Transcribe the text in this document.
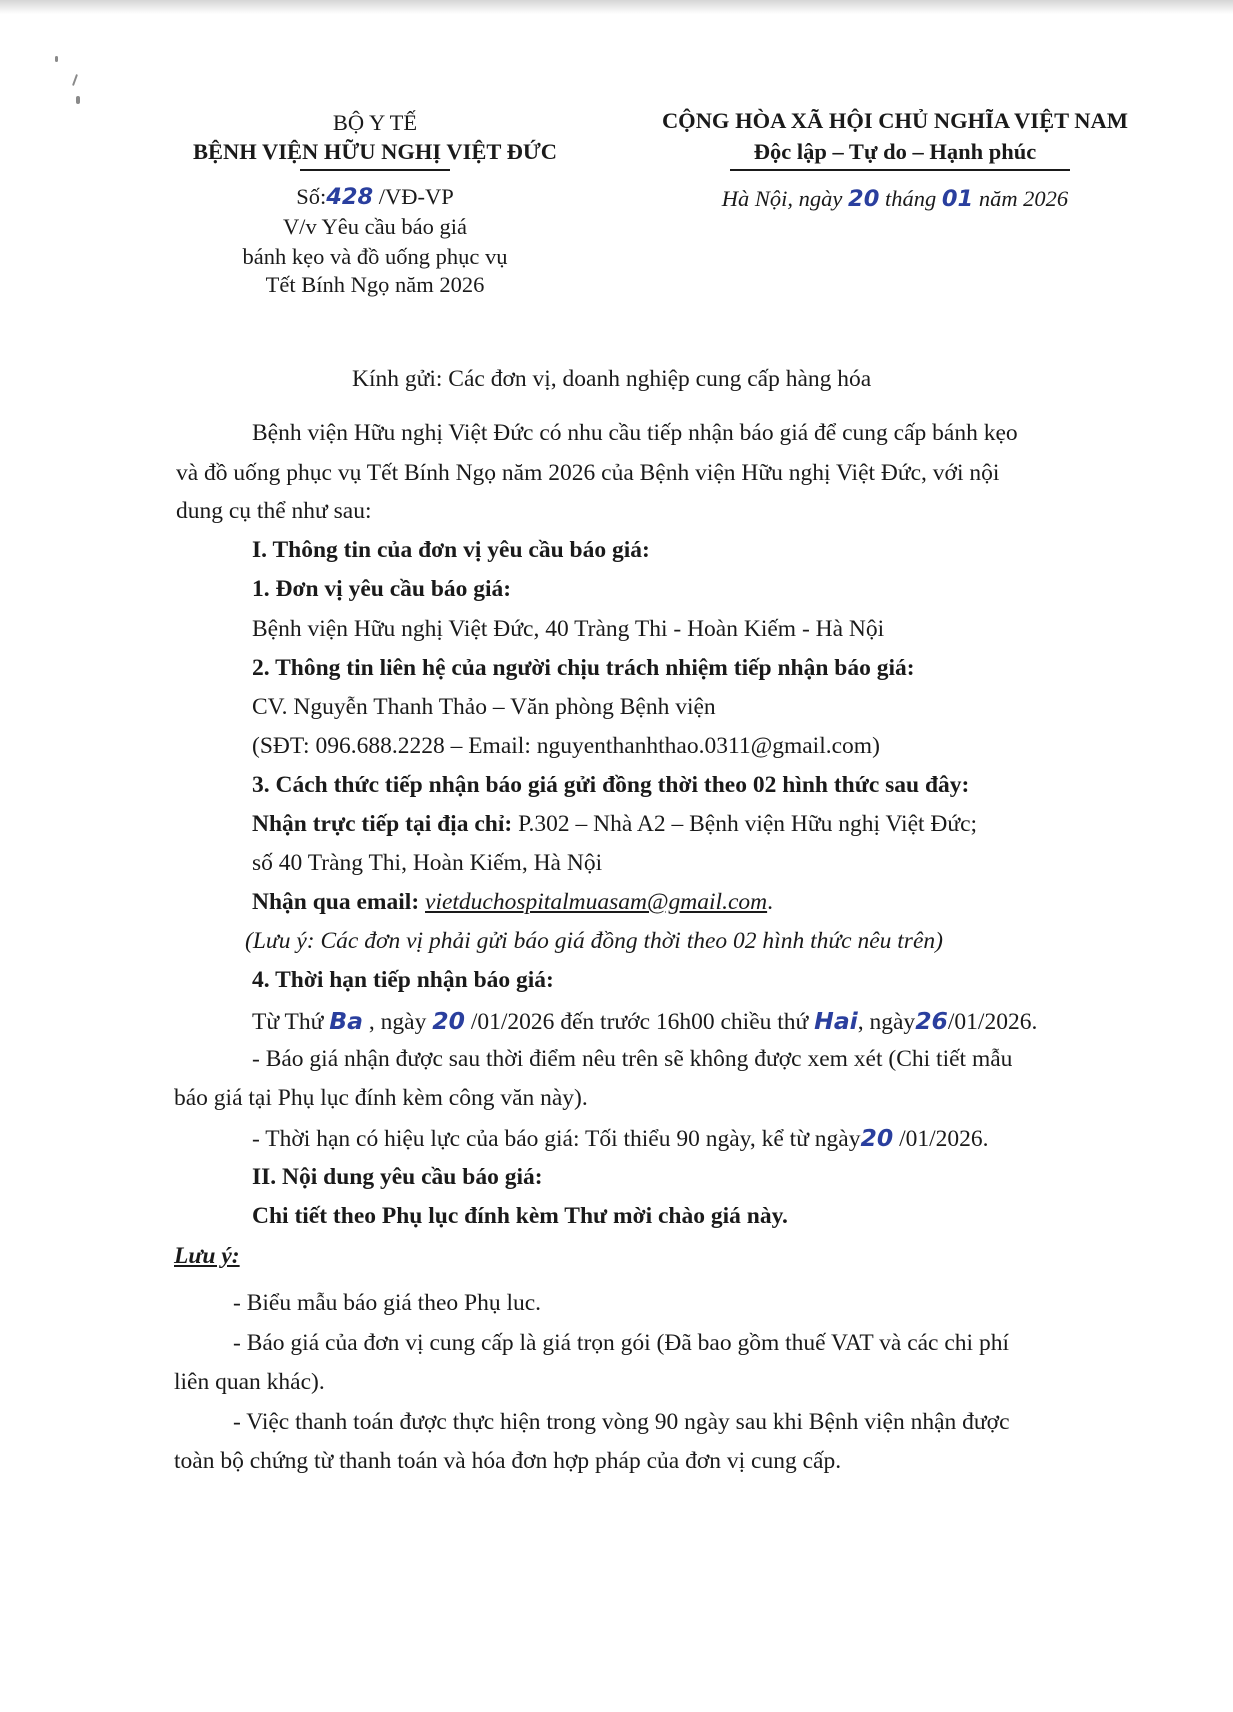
BỘ Y TẾ
BỆNH VIỆN HỮU NGHỊ VIỆT ĐỨC
Số:428 /VĐ-VP
V/v Yêu cầu báo giá
bánh kẹo và đồ uống phục vụ
Tết Bính Ngọ năm 2026
CỘNG HÒA XÃ HỘI CHỦ NGHĨA VIỆT NAM
Độc lập – Tự do – Hạnh phúc
Hà Nội, ngày 20 tháng 01 năm 2026
Kính gửi: Các đơn vị, doanh nghiệp cung cấp hàng hóa
Bệnh viện Hữu nghị Việt Đức có nhu cầu tiếp nhận báo giá để cung cấp bánh kẹo
và đồ uống phục vụ Tết Bính Ngọ năm 2026 của Bệnh viện Hữu nghị Việt Đức, với nội
dung cụ thể như sau:
I. Thông tin của đơn vị yêu cầu báo giá:
1. Đơn vị yêu cầu báo giá:
Bệnh viện Hữu nghị Việt Đức, 40 Tràng Thi - Hoàn Kiếm - Hà Nội
2. Thông tin liên hệ của người chịu trách nhiệm tiếp nhận báo giá:
CV. Nguyễn Thanh Thảo – Văn phòng Bệnh viện
(SĐT: 096.688.2228 – Email: nguyenthanhthao.0311@gmail.com)
3. Cách thức tiếp nhận báo giá gửi đồng thời theo 02 hình thức sau đây:
Nhận trực tiếp tại địa chỉ: P.302 – Nhà A2 – Bệnh viện Hữu nghị Việt Đức;
số 40 Tràng Thi, Hoàn Kiếm, Hà Nội
Nhận qua email: vietduchospitalmuasam@gmail.com.
(Lưu ý: Các đơn vị phải gửi báo giá đồng thời theo 02 hình thức nêu trên)
4. Thời hạn tiếp nhận báo giá:
Từ Thứ Ba , ngày 20 /01/2026 đến trước 16h00 chiều thứ Hai, ngày26/01/2026.
- Báo giá nhận được sau thời điểm nêu trên sẽ không được xem xét (Chi tiết mẫu
báo giá tại Phụ lục đính kèm công văn này).
- Thời hạn có hiệu lực của báo giá: Tối thiểu 90 ngày, kể từ ngày20 /01/2026.
II. Nội dung yêu cầu báo giá:
Chi tiết theo Phụ lục đính kèm Thư mời chào giá này.
Lưu ý:
- Biểu mẫu báo giá theo Phụ luc.
- Báo giá của đơn vị cung cấp là giá trọn gói (Đã bao gồm thuế VAT và các chi phí
liên quan khác).
- Việc thanh toán được thực hiện trong vòng 90 ngày sau khi Bệnh viện nhận được
toàn bộ chứng từ thanh toán và hóa đơn hợp pháp của đơn vị cung cấp.
